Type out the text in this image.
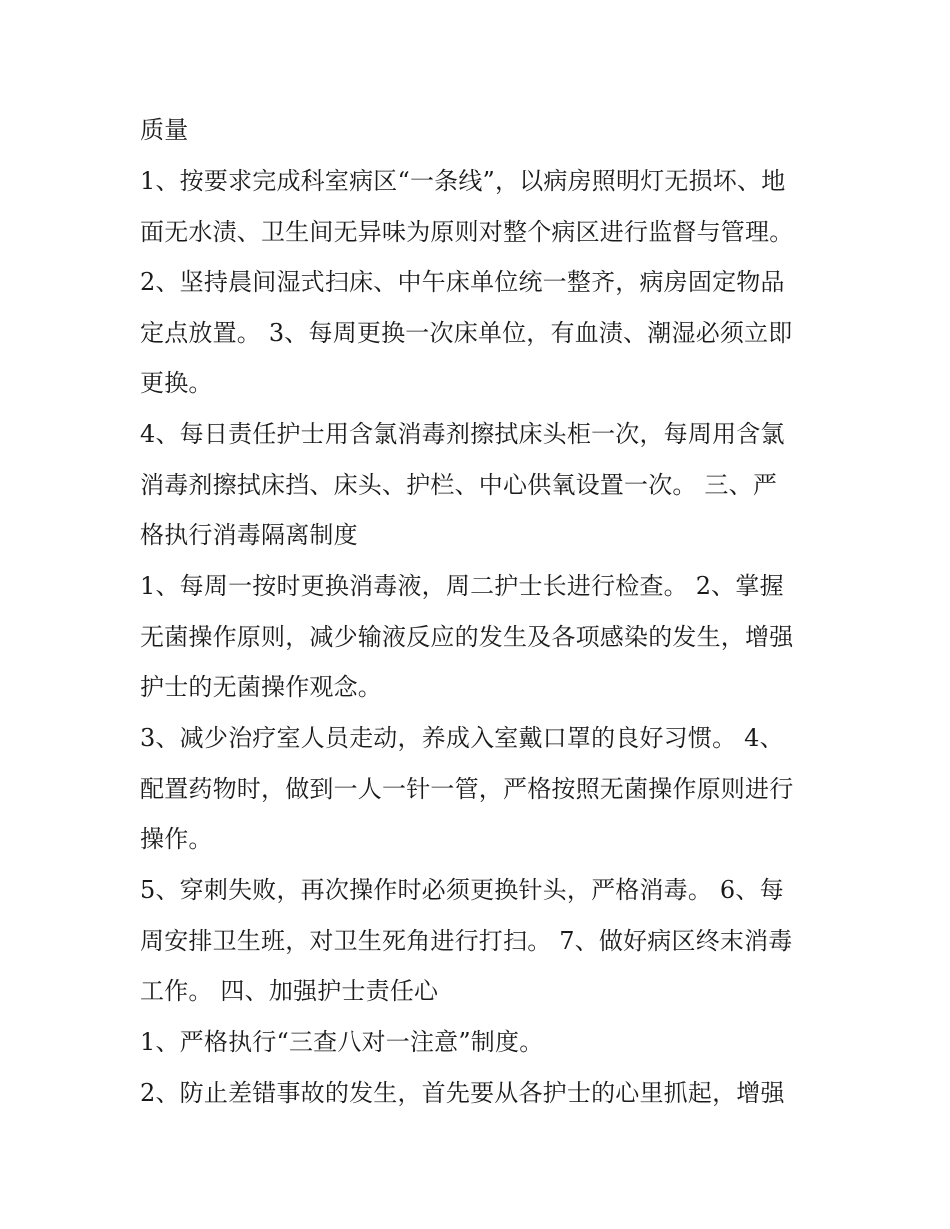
质量
1、按要求完成科室病区“一条线”，以病房照明灯无损坏、地
面无水渍、卫生间无异味为原则对整个病区进行监督与管理。
2、坚持晨间湿式扫床、中午床单位统一整齐，病房固定物品
定点放置。 3、每周更换一次床单位，有血渍、潮湿必须立即
更换。
4、每日责任护士用含氯消毒剂擦拭床头柜一次，每周用含氯
消毒剂擦拭床挡、床头、护栏、中心供氧设置一次。 三、严
格执行消毒隔离制度
1、每周一按时更换消毒液，周二护士长进行检查。 2、掌握
无菌操作原则，减少输液反应的发生及各项感染的发生，增强
护士的无菌操作观念。
3、减少治疗室人员走动，养成入室戴口罩的良好习惯。 4、
配置药物时，做到一人一针一管，严格按照无菌操作原则进行
操作。
5、穿刺失败，再次操作时必须更换针头，严格消毒。 6、每
周安排卫生班，对卫生死角进行打扫。 7、做好病区终末消毒
工作。 四、加强护士责任心
1、严格执行“三查八对一注意”制度。
2、防止差错事故的发生，首先要从各护士的心里抓起，增强
